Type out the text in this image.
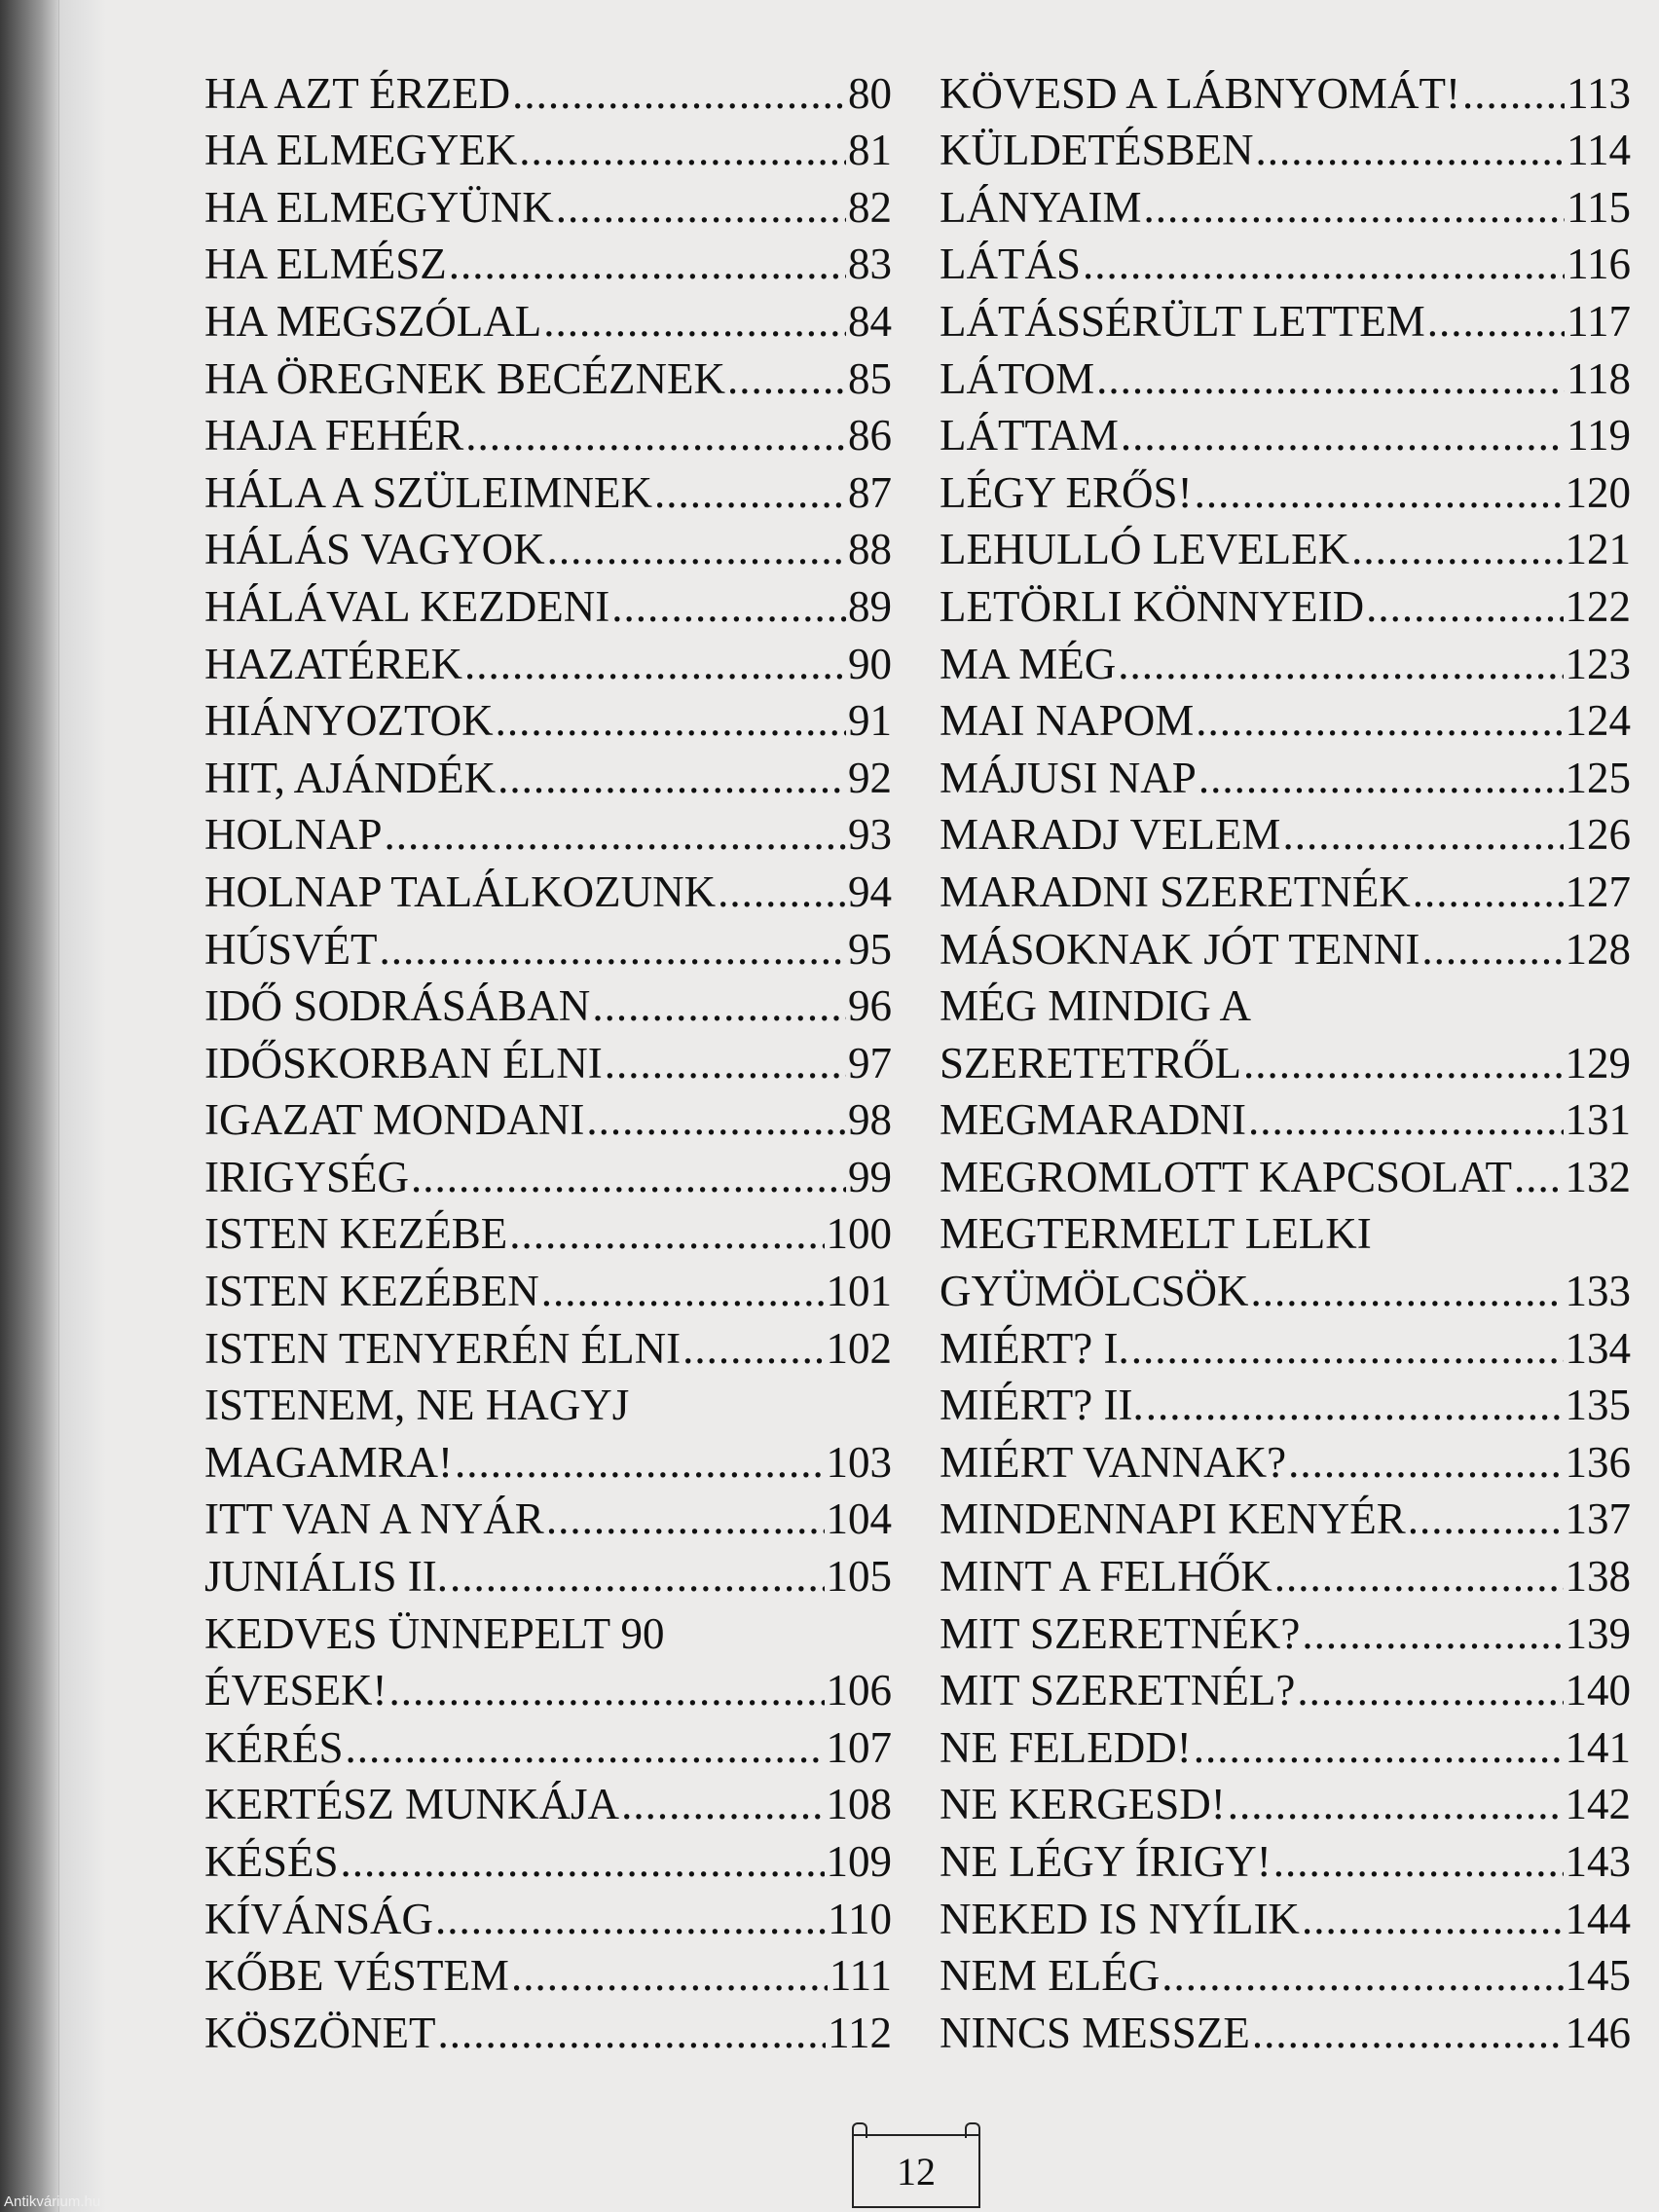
HA AZT ÉRZED .....	80
HA ELMEGYEK .....	81
HA ELMEGYÜNK .....	82
HA ELMÉSZ .....	83
HA MEGSZÓLAL .....	84
HA ÖREGNEK BECÉZNEK .....	85
HAJA FEHÉR .....	86
HÁLA A SZÜLEIMNEK .....	87
HÁLÁS VAGYOK .....	88
HÁLÁVAL KEZDENI .....	89
HAZATÉREK .....	90
HIÁNYOZTOK .....	91
HIT, AJÁNDÉK .....	92
HOLNAP .....	93
HOLNAP TALÁLKOZUNK .....	94
HÚSVÉT .....	95
IDŐ SODRÁSÁBAN .....	96
IDŐSKORBAN ÉLNI .....	97
IGAZAT MONDANI .....	98
IRIGYSÉG .....	99
ISTEN KEZÉBE .....	100
ISTEN KEZÉBEN .....	101
ISTEN TENYERÉN ÉLNI .....	102
ISTENEM, NE HAGYJ
MAGAMRA! .....	103
ITT VAN A NYÁR .....	104
JUNIÁLIS II. .....	105
KEDVES ÜNNEPELT 90
ÉVESEK! .....	106
KÉRÉS .....	107
KERTÉSZ MUNKÁJA .....	108
KÉSÉS .....	109
KÍVÁNSÁG .....	110
KŐBE VÉSTEM .....	111
KÖSZÖNET .....	112
KÖVESD A LÁBNYOMÁT! ..... 113
KÜLDETÉSBEN .....	114
LÁNYAIM .....	115
LÁTÁS .....	116
LÁTÁSSÉRÜLT LETTEM .....	117
LÁTOM .....	118
LÁTTAM .....	119
LÉGY ERŐS! .....	120
LEHULLÓ LEVELEK .....	121
LETÖRLI KÖNNYEID .....	122
MA MÉG .....	123
MAI NAPOM .....	124
MÁJUSI NAP .....	125
MARADJ VELEM .....	126
MARADNI SZERETNÉK .....	127
MÁSOKNAK JÓT TENNI .....	128
MÉG MINDIG A
SZERETETRŐL .....	129
MEGMARADNI .....	131
MEGROMLOTT KAPCSOLAT ..... 132
MEGTERMELT LELKI
GYÜMÖLCSÖK .....	133
MIÉRT? I. .....	134
MIÉRT? II. .....	135
MIÉRT VANNAK? .....	136
MINDENNAPI KENYÉR .....	137
MINT A FELHŐK .....	138
MIT SZERETNÉK? .....	139
MIT SZERETNÉL? .....	140
NE FELEDD! .....	141
NE KERGESD! .....	142
NE LÉGY ÍRIGY! .....	143
NEKED IS NYÍLIK .....	144
NEM ELÉG .....	145
NINCS MESSZE .....	146
12
Antikvárium.hu
